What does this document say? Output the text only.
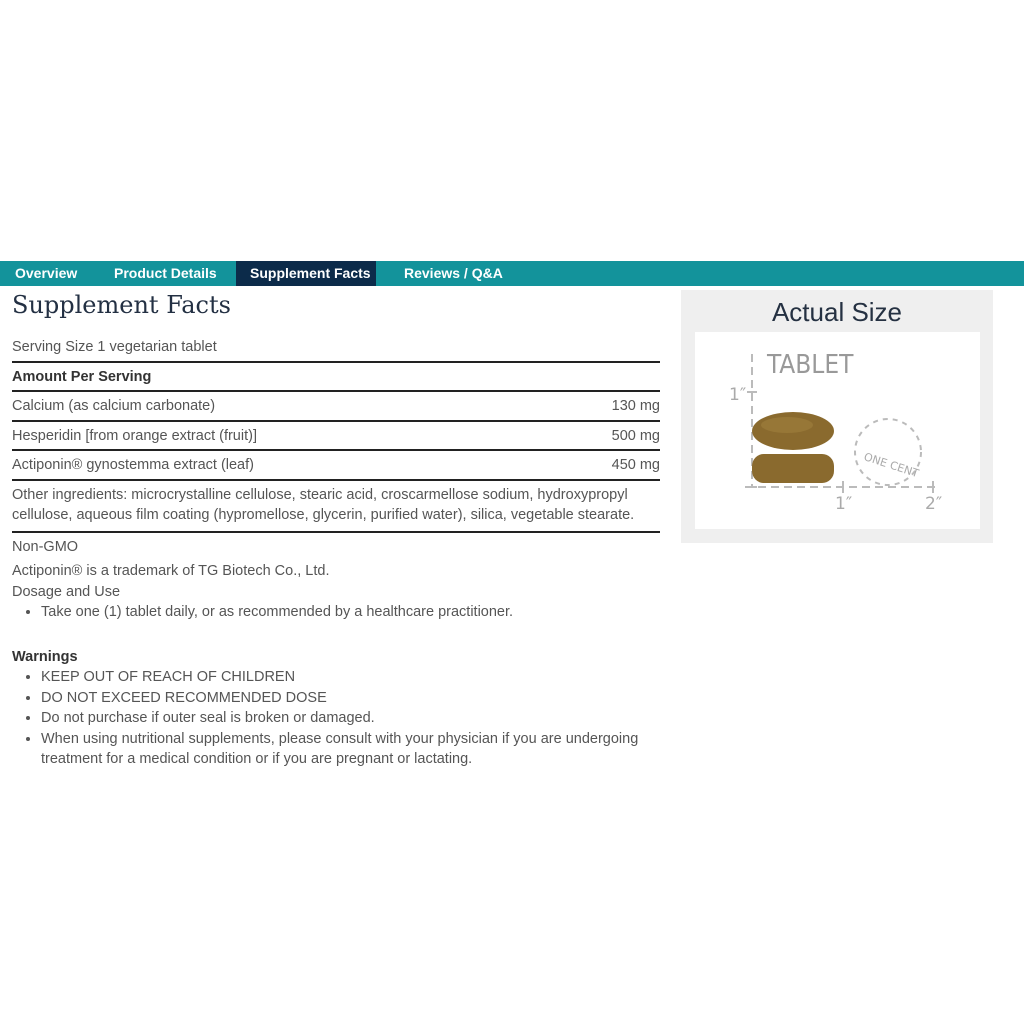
Overview	Product Details	Supplement Facts	Reviews / Q&A
Supplement Facts
Serving Size 1 vegetarian tablet
Amount Per Serving
Calcium (as calcium carbonate)	130 mg
Hesperidin [from orange extract (fruit)]	500 mg
Actiponin® gynostemma extract (leaf)	450 mg
Other ingredients: microcrystalline cellulose, stearic acid, croscarmellose sodium, hydroxypropyl cellulose, aqueous film coating (hypromellose, glycerin, purified water), silica, vegetable stearate.
Non-GMO
Actiponin® is a trademark of TG Biotech Co., Ltd.
Dosage and Use
• Take one (1) tablet daily, or as recommended by a healthcare practitioner.
Warnings
• KEEP OUT OF REACH OF CHILDREN
• DO NOT EXCEED RECOMMENDED DOSE
• Do not purchase if outer seal is broken or damaged.
• When using nutritional supplements, please consult with your physician if you are undergoing treatment for a medical condition or if you are pregnant or lactating.
Actual Size
TABLET
1″
1″	2″
ONE CENT
